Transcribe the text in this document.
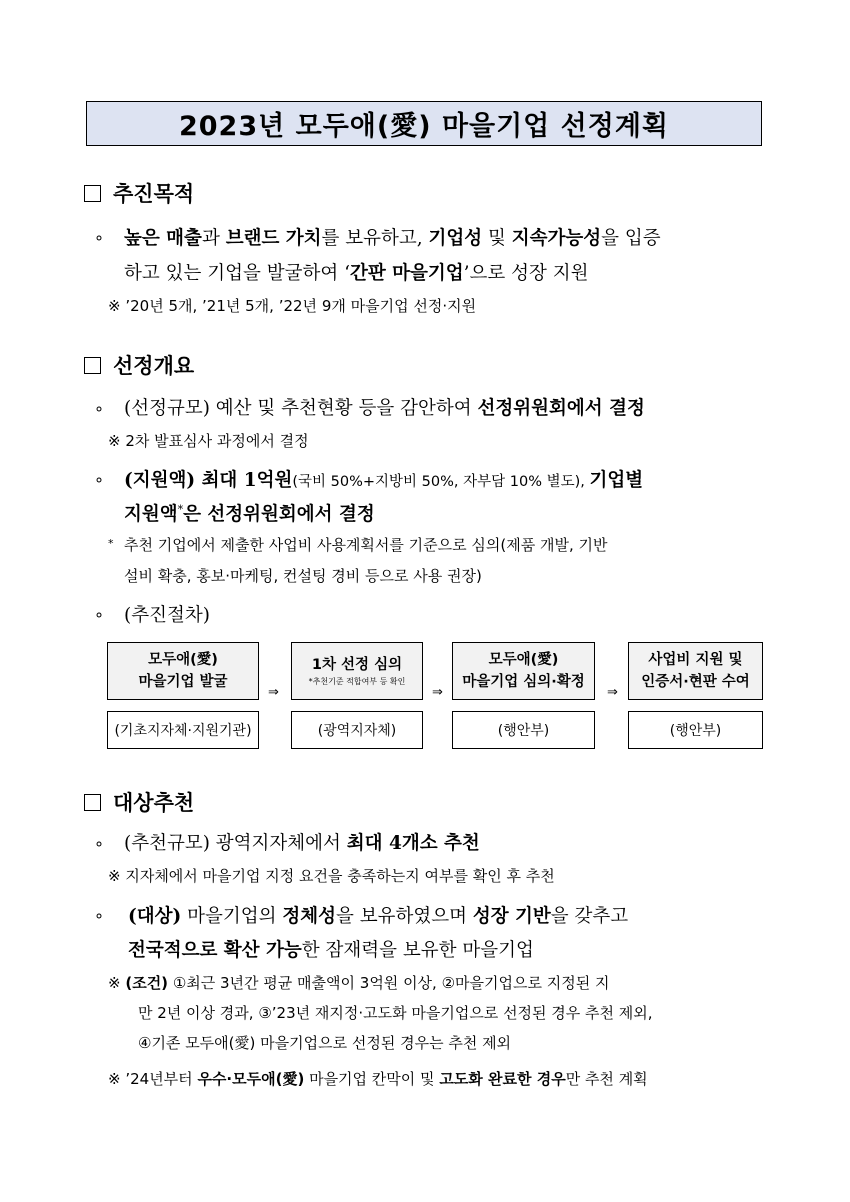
2023년 모두애(愛) 마을기업 선정계획
추진목적
∘ 높은 매출과 브랜드 가치를 보유하고, 기업성 및 지속가능성을 입증
하고 있는 기업을 발굴하여 ‘간판 마을기업’으로 성장 지원
※ ’20년 5개, ’21년 5개, ’22년 9개 마을기업 선정·지원
선정개요
∘ (선정규모) 예산 및 추천현황 등을 감안하여 선정위원회에서 결정
※ 2차 발표심사 과정에서 결정
∘ (지원액) 최대 1억원(국비 50%+지방비 50%, 자부담 10% 별도), 기업별
지원액*은 선정위원회에서 결정
* 추천 기업에서 제출한 사업비 사용계획서를 기준으로 심의(제품 개발, 기반
설비 확충, 홍보·마케팅, 컨설팅 경비 등으로 사용 권장)
∘ (추진절차)
모두애(愛)
마을기업 발굴
1차 선정 심의
*추천기준 적합여부 등 확인
모두애(愛)
마을기업 심의·확정
사업비 지원 및
인증서·현판 수여
⇒	⇒	⇒
(기초지자체·지원기관)	(광역지자체)	(행안부)	(행안부)
대상추천
∘ (추천규모) 광역지자체에서 최대 4개소 추천
※ 지자체에서 마을기업 지정 요건을 충족하는지 여부를 확인 후 추천
∘ (대상) 마을기업의 정체성을 보유하였으며 성장 기반을 갖추고
전국적으로 확산 가능한 잠재력을 보유한 마을기업
※ (조건) ①최근 3년간 평균 매출액이 3억원 이상, ②마을기업으로 지정된 지
만 2년 이상 경과, ③’23년 재지정·고도화 마을기업으로 선정된 경우 추천 제외,
④기존 모두애(愛) 마을기업으로 선정된 경우는 추천 제외
※ ’24년부터 우수·모두애(愛) 마을기업 칸막이 및 고도화 완료한 경우만 추천 계획
